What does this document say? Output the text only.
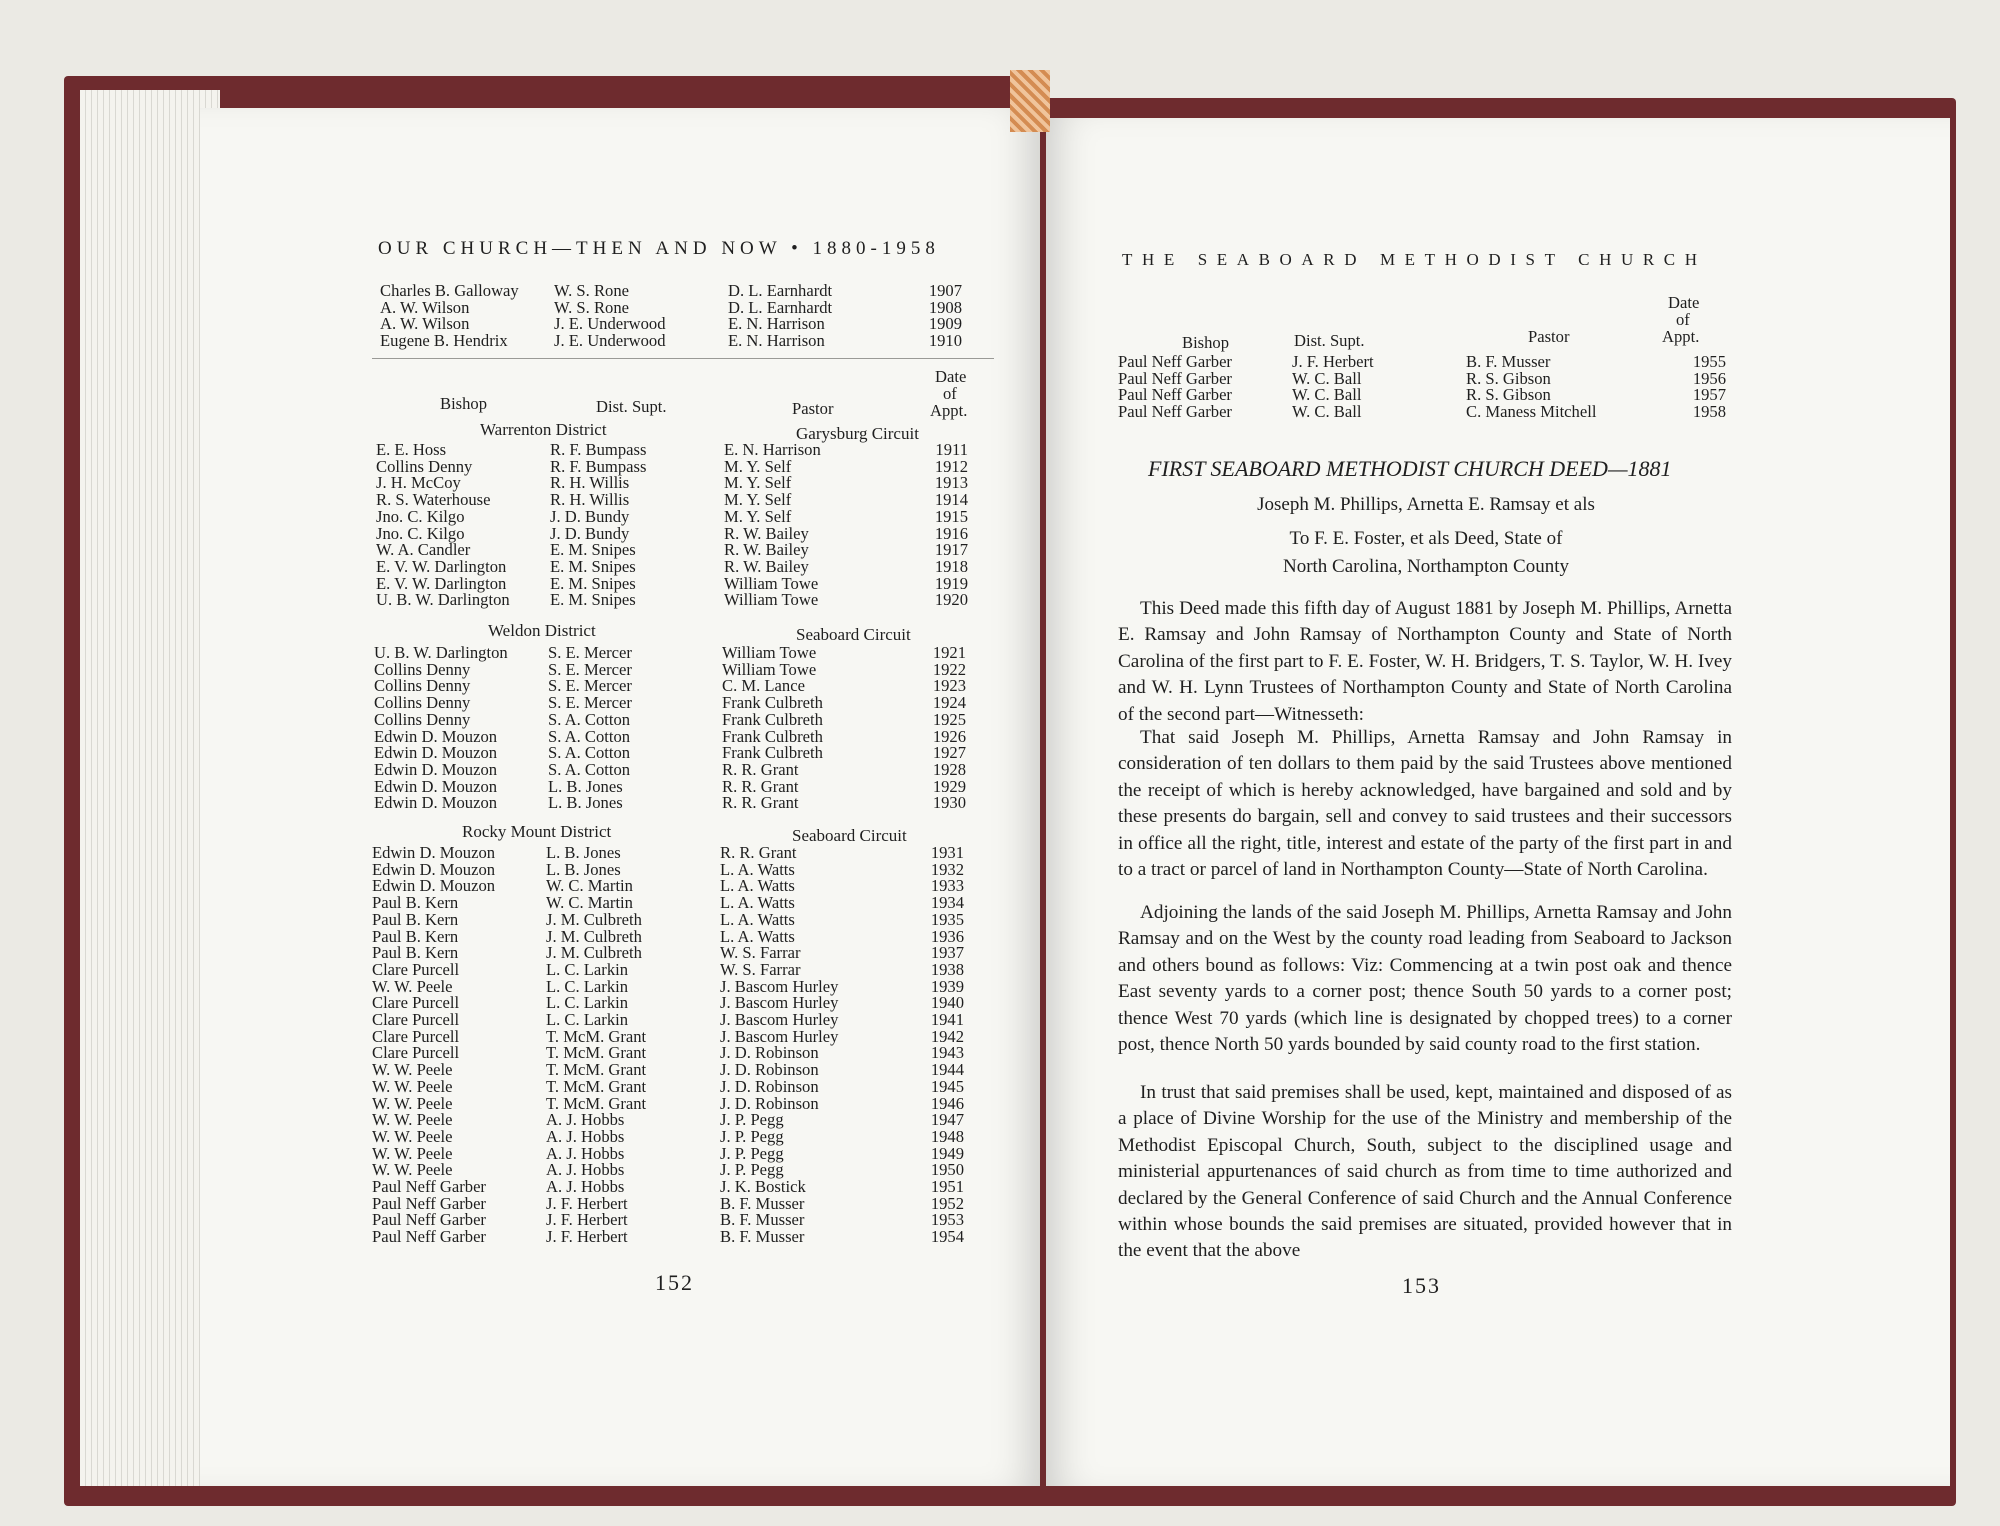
OUR CHURCH—THEN AND NOW • 1880-1958
Charles B. Galloway	W. S. Rone	D. L. Earnhardt	1907
A. W. Wilson	W. S. Rone	D. L. Earnhardt	1908
A. W. Wilson	J. E. Underwood	E. N. Harrison	1909
Eugene B. Hendrix	J. E. Underwood	E. N. Harrison	1910
Bishop	Dist. Supt.	Pastor
Date
of
Appt.
Warrenton District	Garysburg Circuit
E. E. Hoss	R. F. Bumpass	E. N. Harrison	1911
Collins Denny	R. F. Bumpass	M. Y. Self	1912
J. H. McCoy	R. H. Willis	M. Y. Self	1913
R. S. Waterhouse	R. H. Willis	M. Y. Self	1914
Jno. C. Kilgo	J. D. Bundy	M. Y. Self	1915
Jno. C. Kilgo	J. D. Bundy	R. W. Bailey	1916
W. A. Candler	E. M. Snipes	R. W. Bailey	1917
E. V. W. Darlington	E. M. Snipes	R. W. Bailey	1918
E. V. W. Darlington	E. M. Snipes	William Towe	1919
U. B. W. Darlington	E. M. Snipes	William Towe	1920
Weldon District	Seaboard Circuit
U. B. W. Darlington	S. E. Mercer	William Towe	1921
Collins Denny	S. E. Mercer	William Towe	1922
Collins Denny	S. E. Mercer	C. M. Lance	1923
Collins Denny	S. E. Mercer	Frank Culbreth	1924
Collins Denny	S. A. Cotton	Frank Culbreth	1925
Edwin D. Mouzon	S. A. Cotton	Frank Culbreth	1926
Edwin D. Mouzon	S. A. Cotton	Frank Culbreth	1927
Edwin D. Mouzon	S. A. Cotton	R. R. Grant	1928
Edwin D. Mouzon	L. B. Jones	R. R. Grant	1929
Edwin D. Mouzon	L. B. Jones	R. R. Grant	1930
Rocky Mount District	Seaboard Circuit
Edwin D. Mouzon	L. B. Jones	R. R. Grant	1931
Edwin D. Mouzon	L. B. Jones	L. A. Watts	1932
Edwin D. Mouzon	W. C. Martin	L. A. Watts	1933
Paul B. Kern	W. C. Martin	L. A. Watts	1934
Paul B. Kern	J. M. Culbreth	L. A. Watts	1935
Paul B. Kern	J. M. Culbreth	L. A. Watts	1936
Paul B. Kern	J. M. Culbreth	W. S. Farrar	1937
Clare Purcell	L. C. Larkin	W. S. Farrar	1938
W. W. Peele	L. C. Larkin	J. Bascom Hurley	1939
Clare Purcell	L. C. Larkin	J. Bascom Hurley	1940
Clare Purcell	L. C. Larkin	J. Bascom Hurley	1941
Clare Purcell	T. McM. Grant	J. Bascom Hurley	1942
Clare Purcell	T. McM. Grant	J. D. Robinson	1943
W. W. Peele	T. McM. Grant	J. D. Robinson	1944
W. W. Peele	T. McM. Grant	J. D. Robinson	1945
W. W. Peele	T. McM. Grant	J. D. Robinson	1946
W. W. Peele	A. J. Hobbs	J. P. Pegg	1947
W. W. Peele	A. J. Hobbs	J. P. Pegg	1948
W. W. Peele	A. J. Hobbs	J. P. Pegg	1949
W. W. Peele	A. J. Hobbs	J. P. Pegg	1950
Paul Neff Garber	A. J. Hobbs	J. K. Bostick	1951
Paul Neff Garber	J. F. Herbert	B. F. Musser	1952
Paul Neff Garber	J. F. Herbert	B. F. Musser	1953
Paul Neff Garber	J. F. Herbert	B. F. Musser	1954
152
THE SEABOARD METHODIST CHURCH
Bishop	Dist. Supt.	Pastor
Date
of
Appt.
Paul Neff Garber	J. F. Herbert	B. F. Musser	1955
Paul Neff Garber	W. C. Ball	R. S. Gibson	1956
Paul Neff Garber	W. C. Ball	R. S. Gibson	1957
Paul Neff Garber	W. C. Ball	C. Maness Mitchell	1958
FIRST SEABOARD METHODIST CHURCH DEED—1881
Joseph M. Phillips, Arnetta E. Ramsay et als
To F. E. Foster, et als Deed, State of
North Carolina, Northampton County

This Deed made this fifth day of August 1881 by Joseph M. Phillips, Arnetta E. Ramsay and John Ramsay of Northampton County and State of North Carolina of the first part to F. E. Foster, W. H. Bridgers, T. S. Taylor, W. H. Ivey and W. H. Lynn Trustees of Northampton County and State of North Carolina of the second part—Witnesseth:

That said Joseph M. Phillips, Arnetta Ramsay and John Ramsay in consideration of ten dollars to them paid by the said Trustees above mentioned the receipt of which is hereby acknowledged, have bargained and sold and by these presents do bargain, sell and convey to said trustees and their successors in office all the right, title, interest and estate of the party of the first part in and to a tract or parcel of land in Northampton County—State of North Carolina.

Adjoining the lands of the said Joseph M. Phillips, Arnetta Ramsay and John Ramsay and on the West by the county road leading from Seaboard to Jackson and others bound as follows: Viz: Commencing at a twin post oak and thence East seventy yards to a corner post; thence South 50 yards to a corner post; thence West 70 yards (which line is designated by chopped trees) to a corner post, thence North 50 yards bounded by said county road to the first station.

In trust that said premises shall be used, kept, maintained and disposed of as a place of Divine Worship for the use of the Ministry and membership of the Methodist Episcopal Church, South, subject to the disciplined usage and ministerial appurtenances of said church as from time to time authorized and declared by the General Conference of said Church and the Annual Conference within whose bounds the said premises are situated, provided however that in the event that the above

153
